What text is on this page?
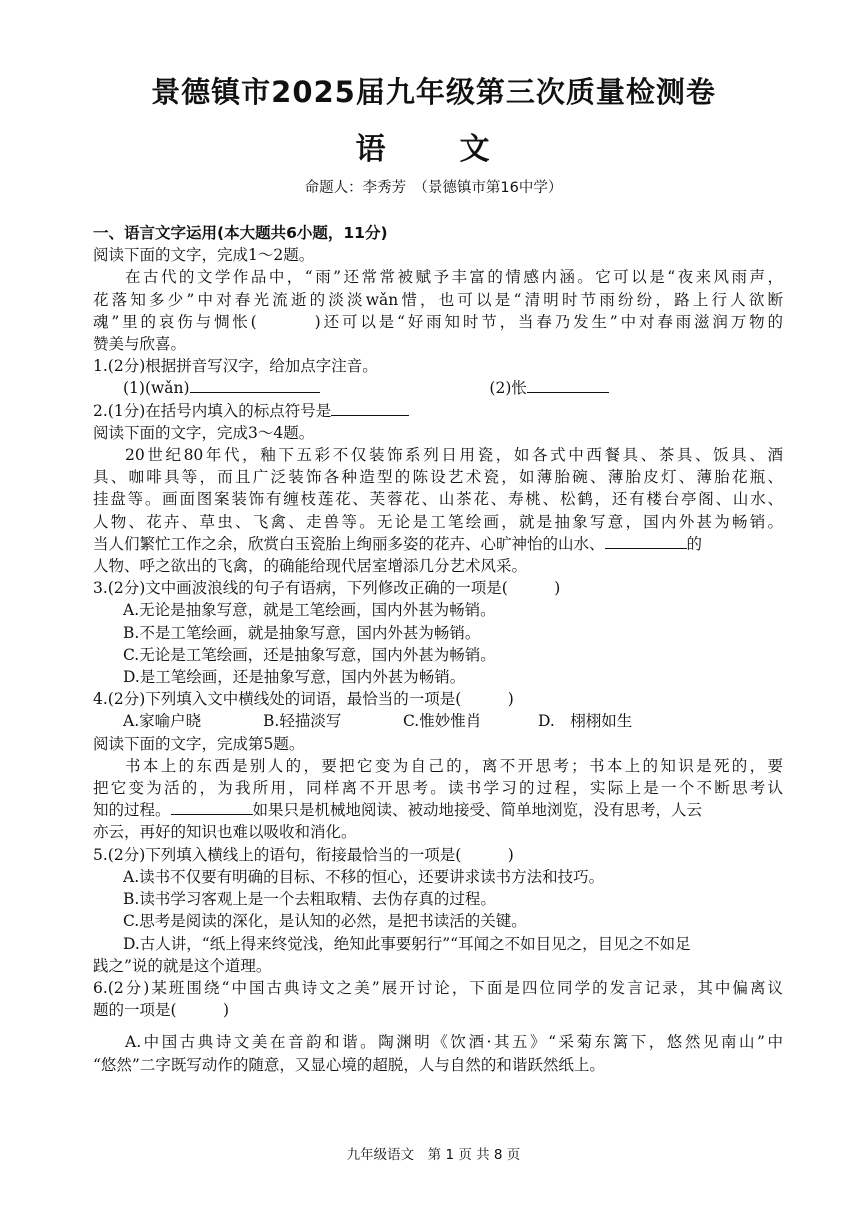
景德镇市2025届九年级第三次质量检测卷
语　文
命题人：李秀芳　（景德镇市第16中学）
一、语言文字运用(本大题共6小题，11分)
阅读下面的文字，完成1～2题。
在古代的文学作品中，“雨”还常常被赋予丰富的情感内涵。它可以是“夜来风雨声，
花落知多少”中对春光流逝的淡淡wǎn惜，也可以是“清明时节雨纷纷，路上行人欲断
魂”里的哀伤与惆怅(　　　)还可以是“好雨知时节，当春乃发生”中对春雨滋润万物的
赞美与欣喜。
1.(2分)根据拼音写汉字，给加点字注音。
(1)(wǎn)	(2)怅
2.(1分)在括号内填入的标点符号是
阅读下面的文字，完成3～4题。
20世纪80年代，釉下五彩不仅装饰系列日用瓷，如各式中西餐具、茶具、饭具、酒
具、咖啡具等，而且广泛装饰各种造型的陈设艺术瓷，如薄胎碗、薄胎皮灯、薄胎花瓶、
挂盘等。画面图案装饰有缠枝莲花、芙蓉花、山茶花、寿桃、松鹤，还有楼台亭阁、山水、
人物、花卉、草虫、飞禽、走兽等。无论是工笔绘画，就是抽象写意，国内外甚为畅销。
当人们繁忙工作之余，欣赏白玉瓷胎上绚丽多姿的花卉、心旷神怡的山水、	的
人物、呼之欲出的飞禽，的确能给现代居室增添几分艺术风采。
3.(2分)文中画波浪线的句子有语病，下列修改正确的一项是(　　　)
A.无论是抽象写意，就是工笔绘画，国内外甚为畅销。
B.不是工笔绘画，就是抽象写意，国内外甚为畅销。
C.无论是工笔绘画，还是抽象写意，国内外甚为畅销。
D.是工笔绘画，还是抽象写意，国内外甚为畅销。
4.(2分)下列填入文中横线处的词语，最恰当的一项是(　　　)
A.家喻户晓	B.轻描淡写	C.惟妙惟肖	D.　栩栩如生
阅读下面的文字，完成第5题。
书本上的东西是别人的，要把它变为自己的，离不开思考；书本上的知识是死的，要
把它变为活的，为我所用，同样离不开思考。读书学习的过程，实际上是一个不断思考认
知的过程。	如果只是机械地阅读、被动地接受、简单地浏览，没有思考，人云
亦云，再好的知识也难以吸收和消化。
5.(2分)下列填入横线上的语句，衔接最恰当的一项是(　　　)
A.读书不仅要有明确的目标、不移的恒心，还要讲求读书方法和技巧。
B.读书学习客观上是一个去粗取精、去伪存真的过程。
C.思考是阅读的深化，是认知的必然，是把书读活的关键。
D.古人讲，“纸上得来终觉浅，绝知此事要躬行”“耳闻之不如目见之，目见之不如足
践之”说的就是这个道理。
6.(2分)某班围绕“中国古典诗文之美”展开讨论，下面是四位同学的发言记录，其中偏离议
题的一项是(　　　)
A.中国古典诗文美在音韵和谐。陶渊明《饮酒·其五》“采菊东篱下，悠然见南山”中
“悠然”二字既写动作的随意，又显心境的超脱，人与自然的和谐跃然纸上。
九年级语文　第 1 页 共 8 页
